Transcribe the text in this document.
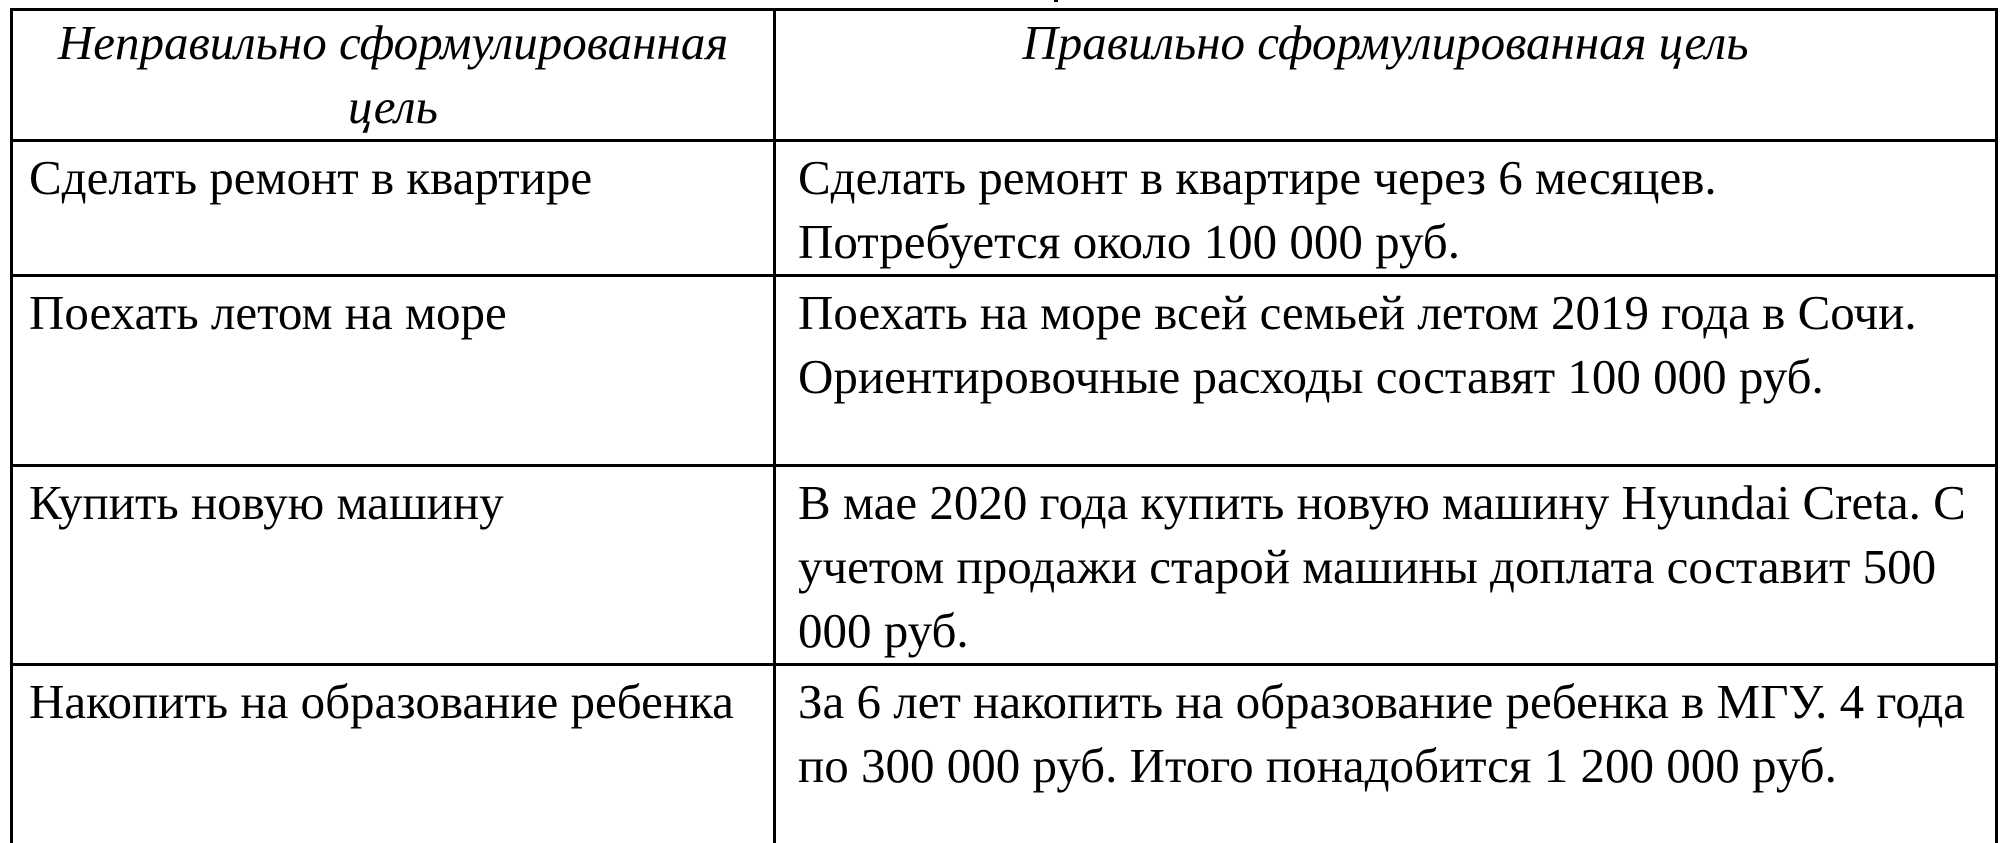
Неправильно сформулированная цель	Правильно сформулированная цель

Сделать ремонт в квартире	Сделать ремонт в квартире через 6 месяцев. Потребуется около 100 000 руб.

Поехать летом на море	Поехать на море всей семьей летом 2019 года в Сочи. Ориентировочные расходы составят 100 000 руб.

Купить новую машину	В мае 2020 года купить новую машину Hyundai Creta. С учетом продажи старой машины доплата составит 500 000 руб.

Накопить на образование ребенка	За 6 лет накопить на образование ребенка в МГУ. 4 года по 300 000 руб. Итого понадобится 1 200 000 руб.
